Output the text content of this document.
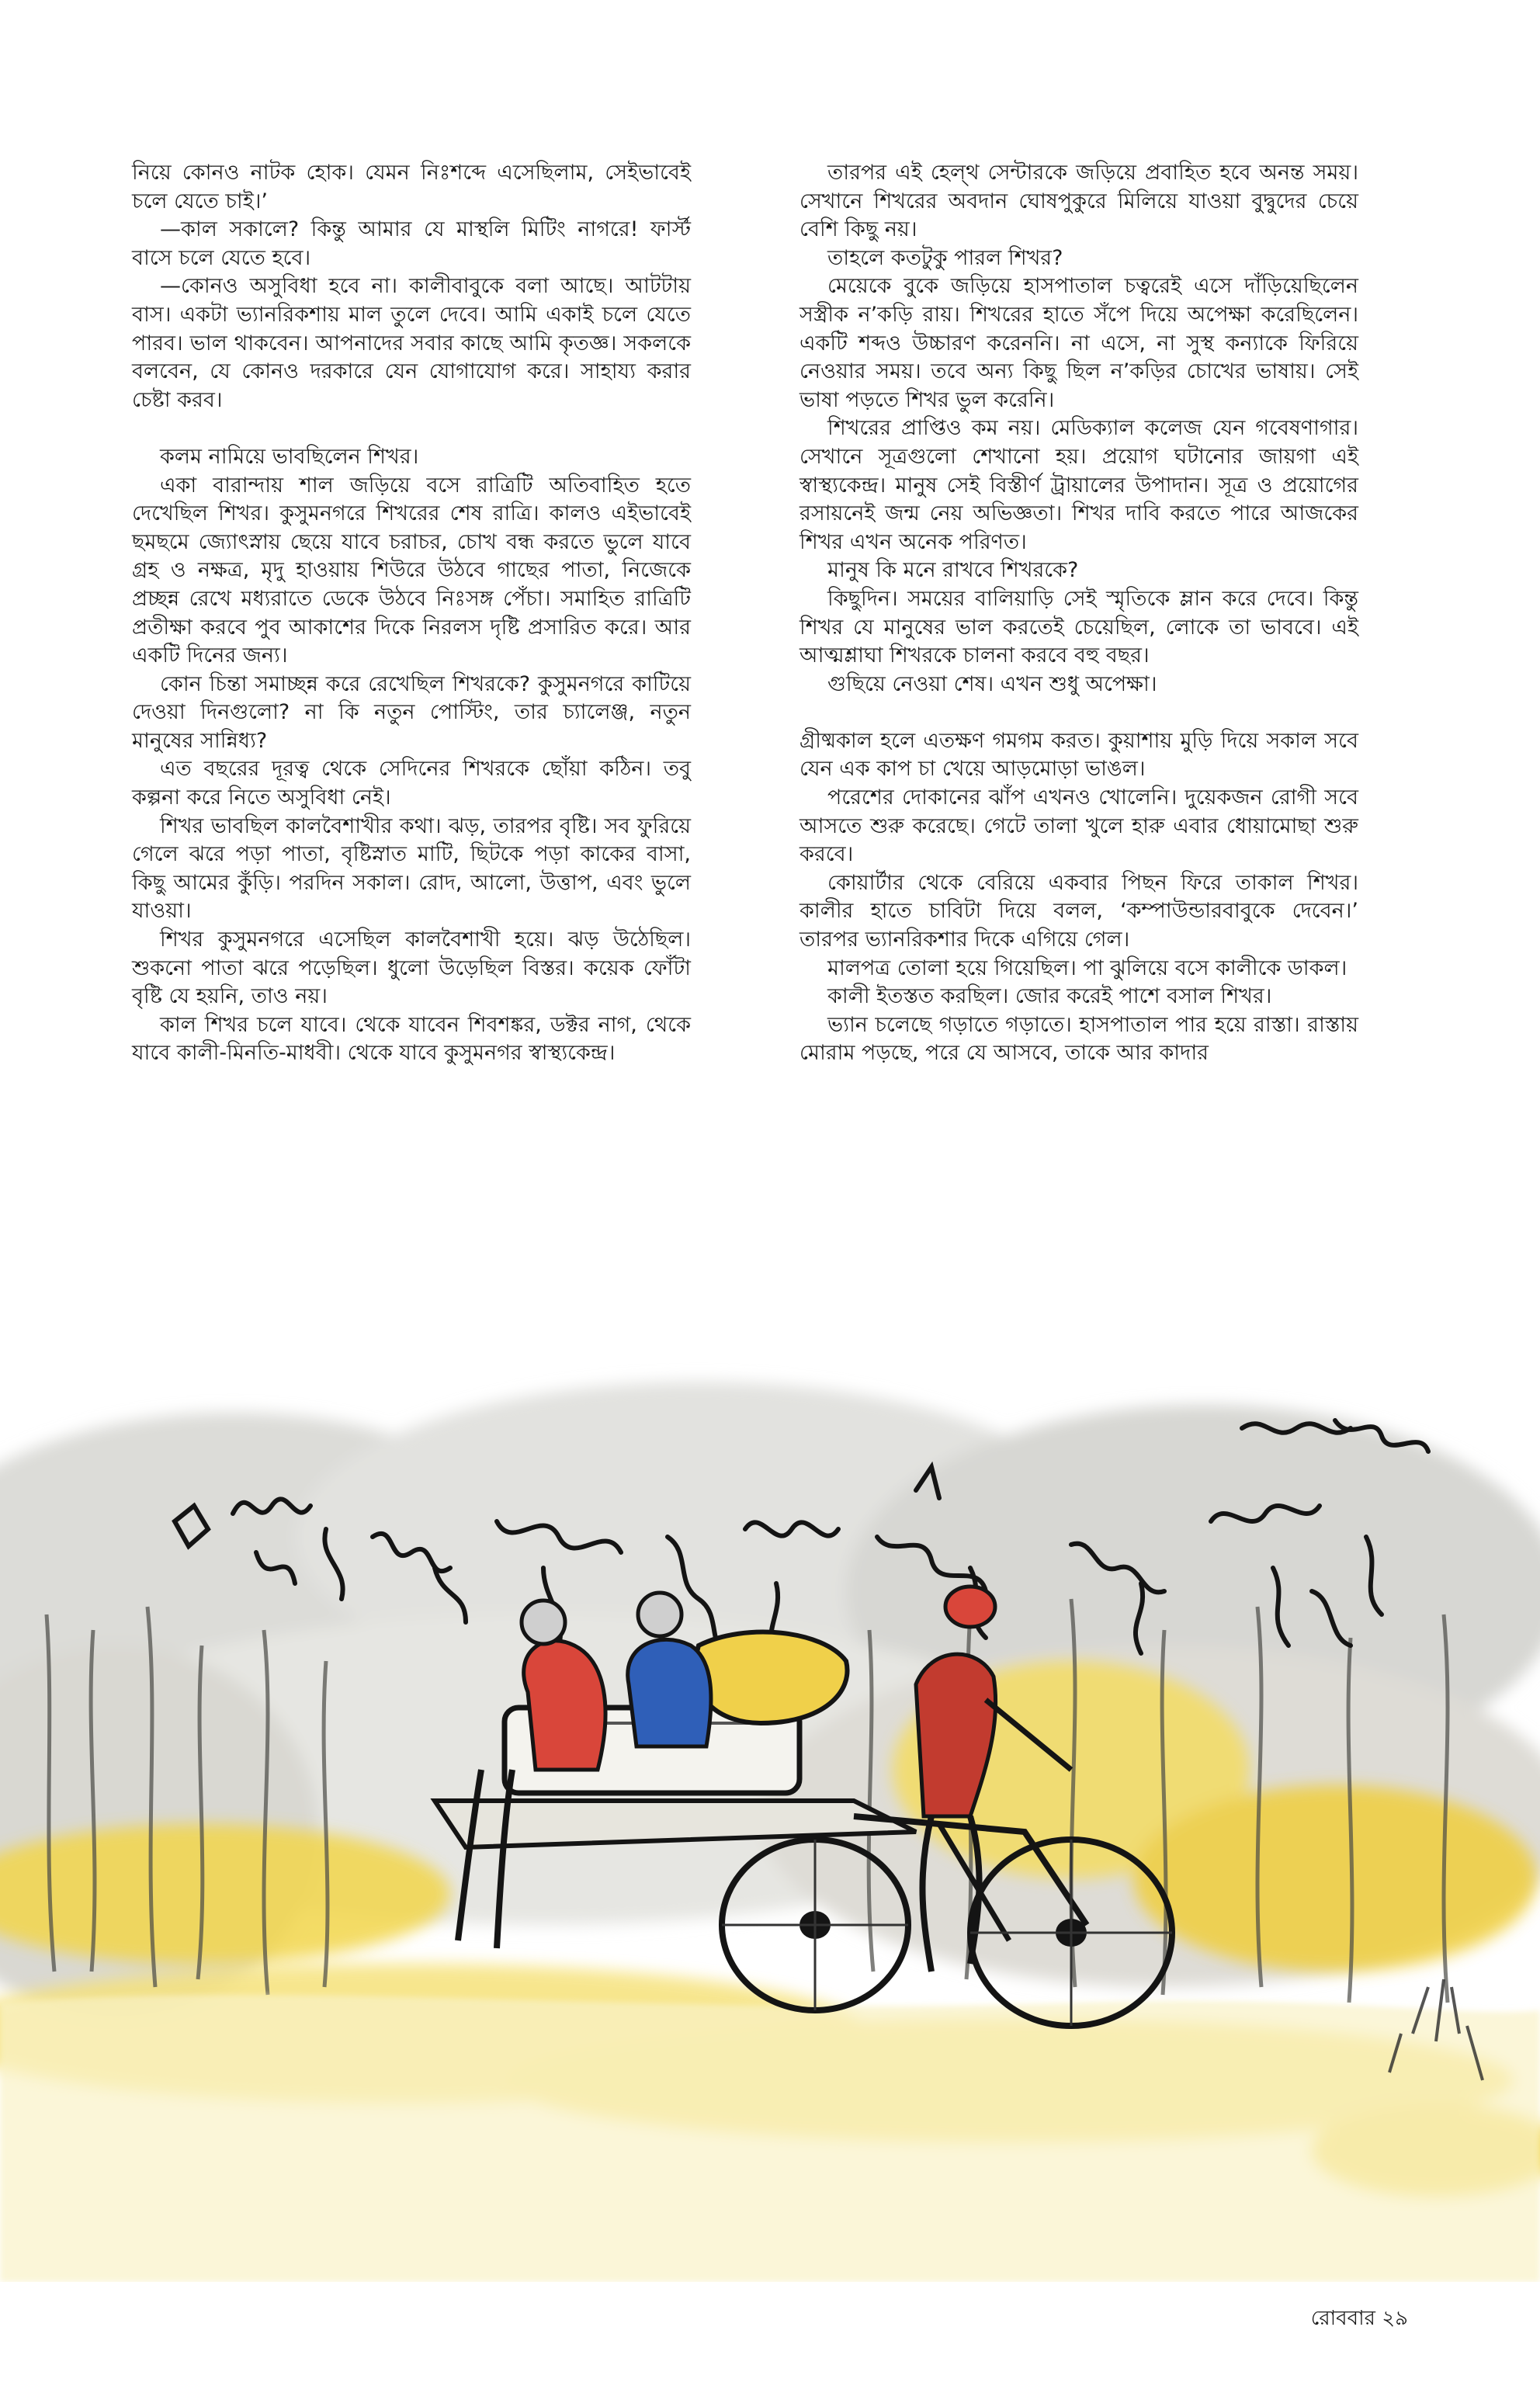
নিয়ে কোনও নাটক হোক। যেমন নিঃশব্দে এসেছিলাম, সেইভাবেই চলে যেতে চাই।’

—কাল সকালে? কিন্তু আমার যে মাস্থলি মিটিং নাগরে! ফার্স্ট বাসে চলে যেতে হবে।

—কোনও অসুবিধা হবে না। কালীবাবুকে বলা আছে। আটটায় বাস। একটা ভ্যানরিকশায় মাল তুলে দেবে। আমি একাই চলে যেতে পারব। ভাল থাকবেন। আপনাদের সবার কাছে আমি কৃতজ্ঞ। সকলকে বলবেন, যে কোনও দরকারে যেন যোগাযোগ করে। সাহায্য করার চেষ্টা করব।

কলম নামিয়ে ভাবছিলেন শিখর।

একা বারান্দায় শাল জড়িয়ে বসে রাত্রিটি অতিবাহিত হতে দেখেছিল শিখর। কুসুমনগরে শিখরের শেষ রাত্রি। কালও এইভাবেই ছমছমে জ্যোৎস্নায় ছেয়ে যাবে চরাচর, চোখ বন্ধ করতে ভুলে যাবে গ্রহ ও নক্ষত্র, মৃদু হাওয়ায় শিউরে উঠবে গাছের পাতা, নিজেকে প্রচ্ছন্ন রেখে মধ্যরাতে ডেকে উঠবে নিঃসঙ্গ পেঁচা। সমাহিত রাত্রিটি প্রতীক্ষা করবে পুব আকাশের দিকে নিরলস দৃষ্টি প্রসারিত করে। আর একটি দিনের জন্য।

কোন চিন্তা সমাচ্ছন্ন করে রেখেছিল শিখরকে? কুসুমনগরে কাটিয়ে দেওয়া দিনগুলো? না কি নতুন পোস্টিং, তার চ্যালেঞ্জ, নতুন মানুষের সান্নিধ্য?

এত বছরের দূরত্ব থেকে সেদিনের শিখরকে ছোঁয়া কঠিন। তবু কল্পনা করে নিতে অসুবিধা নেই।

শিখর ভাবছিল কালবৈশাখীর কথা। ঝড়, তারপর বৃষ্টি। সব ফুরিয়ে গেলে ঝরে পড়া পাতা, বৃষ্টিস্নাত মাটি, ছিটকে পড়া কাকের বাসা, কিছু আমের কুঁড়ি। পরদিন সকাল। রোদ, আলো, উত্তাপ, এবং ভুলে যাওয়া।

শিখর কুসুমনগরে এসেছিল কালবৈশাখী হয়ে। ঝড় উঠেছিল। শুকনো পাতা ঝরে পড়েছিল। ধুলো উড়েছিল বিস্তর। কয়েক ফোঁটা বৃষ্টি যে হয়নি, তাও নয়।

কাল শিখর চলে যাবে। থেকে যাবেন শিবশঙ্কর, ডক্টর নাগ, থেকে যাবে কালী-মিনতি-মাধবী। থেকে যাবে কুসুমনগর স্বাস্থ্যকেন্দ্র।

তারপর এই হেল্‌থ সেন্টারকে জড়িয়ে প্রবাহিত হবে অনন্ত সময়। সেখানে শিখরের অবদান ঘোষপুকুরে মিলিয়ে যাওয়া বুদ্বুদের চেয়ে বেশি কিছু নয়।

তাহলে কতটুকু পারল শিখর?

মেয়েকে বুকে জড়িয়ে হাসপাতাল চত্বরেই এসে দাঁড়িয়েছিলেন সস্ত্রীক ন’কড়ি রায়। শিখরের হাতে সঁপে দিয়ে অপেক্ষা করেছিলেন। একটি শব্দও উচ্চারণ করেননি। না এসে, না সুস্থ কন্যাকে ফিরিয়ে নেওয়ার সময়। তবে অন্য কিছু ছিল ন’কড়ির চোখের ভাষায়। সেই ভাষা পড়তে শিখর ভুল করেনি।

শিখরের প্রাপ্তিও কম নয়। মেডিক্যাল কলেজ যেন গবেষণাগার। সেখানে সূত্রগুলো শেখানো হয়। প্রয়োগ ঘটানোর জায়গা এই স্বাস্থ্যকেন্দ্র। মানুষ সেই বিস্তীর্ণ ট্রায়ালের উপাদান। সূত্র ও প্রয়োগের রসায়নেই জন্ম নেয় অভিজ্ঞতা। শিখর দাবি করতে পারে আজকের শিখর এখন অনেক পরিণত।

মানুষ কি মনে রাখবে শিখরকে?

কিছুদিন। সময়ের বালিয়াড়ি সেই স্মৃতিকে ম্লান করে দেবে। কিন্তু শিখর যে মানুষের ভাল করতেই চেয়েছিল, লোকে তা ভাববে। এই আত্মশ্লাঘা শিখরকে চালনা করবে বহু বছর।

গুছিয়ে নেওয়া শেষ। এখন শুধু অপেক্ষা।

গ্রীষ্মকাল হলে এতক্ষণ গমগম করত। কুয়াশায় মুড়ি দিয়ে সকাল সবে যেন এক কাপ চা খেয়ে আড়মোড়া ভাঙল।

পরেশের দোকানের ঝাঁপ এখনও খোলেনি। দুয়েকজন রোগী সবে আসতে শুরু করেছে। গেটে তালা খুলে হারু এবার ধোয়ামোছা শুরু করবে।

কোয়ার্টার থেকে বেরিয়ে একবার পিছন ফিরে তাকাল শিখর। কালীর হাতে চাবিটা দিয়ে বলল, ‘কম্পাউন্ডারবাবুকে দেবেন।’ তারপর ভ্যানরিকশার দিকে এগিয়ে গেল।

মালপত্র তোলা হয়ে গিয়েছিল। পা ঝুলিয়ে বসে কালীকে ডাকল।

কালী ইতস্তত করছিল। জোর করেই পাশে বসাল শিখর।

ভ্যান চলেছে গড়াতে গড়াতে। হাসপাতাল পার হয়ে রাস্তা। রাস্তায় মোরাম পড়ছে, পরে যে আসবে, তাকে আর কাদার

রোববার ২৯
